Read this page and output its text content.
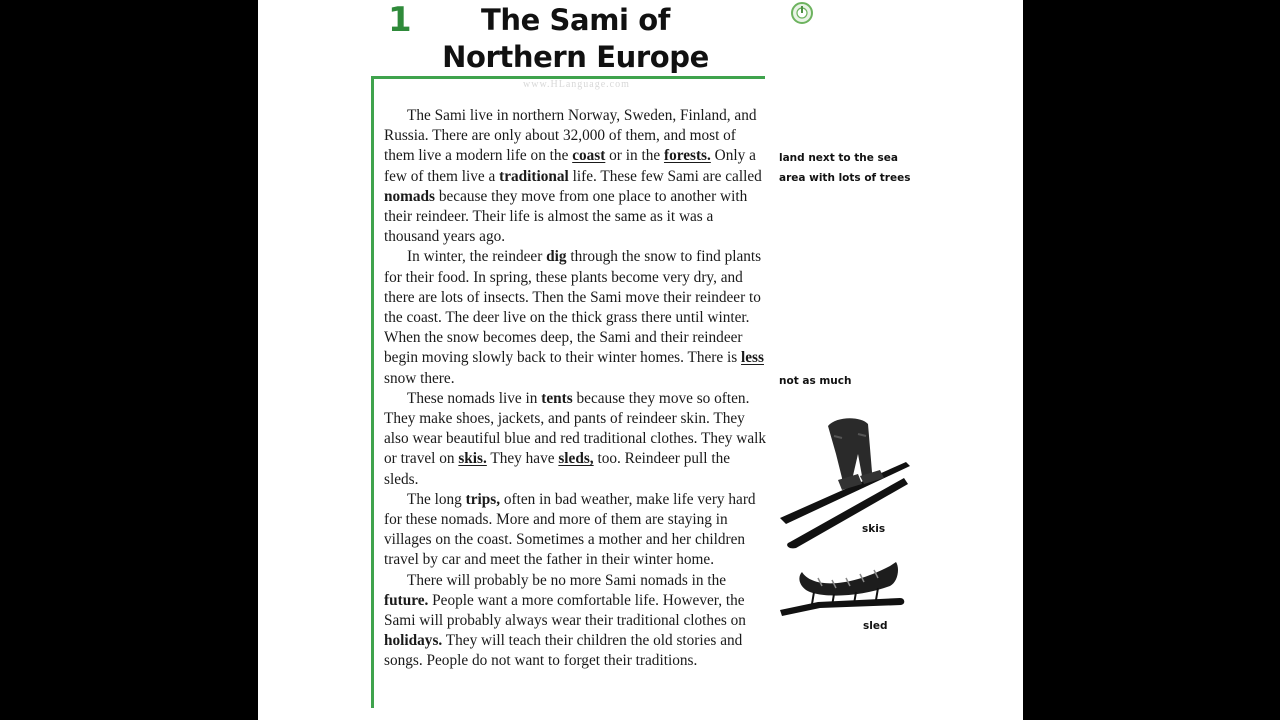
1	The Sami of
Northern Europe
www.HLanguage.com

The Sami live in northern Norway, Sweden, Finland, and Russia. There are only about 32,000 of them, and most of them live a modern life on the coast or in the forests. Only a few of them live a traditional life. These few Sami are called nomads because they move from one place to another with their reindeer. Their life is almost the same as it was a thousand years ago.

In winter, the reindeer dig through the snow to find plants for their food. In spring, these plants become very dry, and there are lots of insects. Then the Sami move their reindeer to the coast. The deer live on the thick grass there until winter. When the snow becomes deep, the Sami and their reindeer begin moving slowly back to their winter homes. There is less snow there.

These nomads live in tents because they move so often. They make shoes, jackets, and pants of reindeer skin. They also wear beautiful blue and red traditional clothes. They walk or travel on skis. They have sleds, too. Reindeer pull the sleds.

The long trips, often in bad weather, make life very hard for these nomads. More and more of them are staying in villages on the coast. Sometimes a mother and her children travel by car and meet the father in their winter home.

There will probably be no more Sami nomads in the future. People want a more comfortable life. However, the Sami will probably always wear their traditional clothes on holidays. They will teach their children the old stories and songs. People do not want to forget their traditions.

land next to the sea
area with lots of trees
not as much
skis
sled
